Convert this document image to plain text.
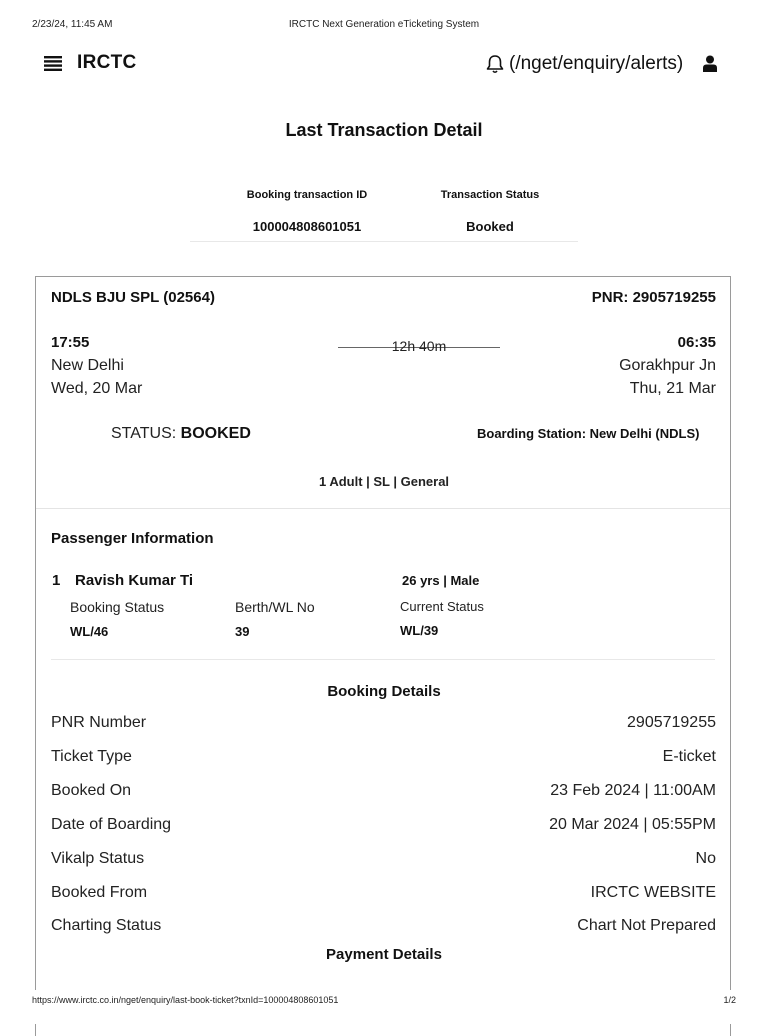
2/23/24, 11:45 AM	IRCTC Next Generation eTicketing System
IRCTC	(/nget/enquiry/alerts)
Last Transaction Detail
Booking transaction ID	Transaction Status
100004808601051	Booked
NDLS BJU SPL (02564)	PNR: 2905719255
17:55
New Delhi
Wed, 20 Mar
12h 40m	06:35
Gorakhpur Jn
Thu, 21 Mar
STATUS: BOOKED	Boarding Station: New Delhi (NDLS)
1 Adult | SL | General
Passenger Information
1 Ravish Kumar Ti	26 yrs | Male
Booking Status	Berth/WL No	Current Status
WL/46	39	WL/39
Booking Details
PNR Number	2905719255
Ticket Type	E-ticket
Booked On	23 Feb 2024 | 11:00AM
Date of Boarding	20 Mar 2024 | 05:55PM
Vikalp Status	No
Booked From	IRCTC WEBSITE
Charting Status	Chart Not Prepared
Payment Details
https://www.irctc.co.in/nget/enquiry/last-book-ticket?txnId=100004808601051	1/2
